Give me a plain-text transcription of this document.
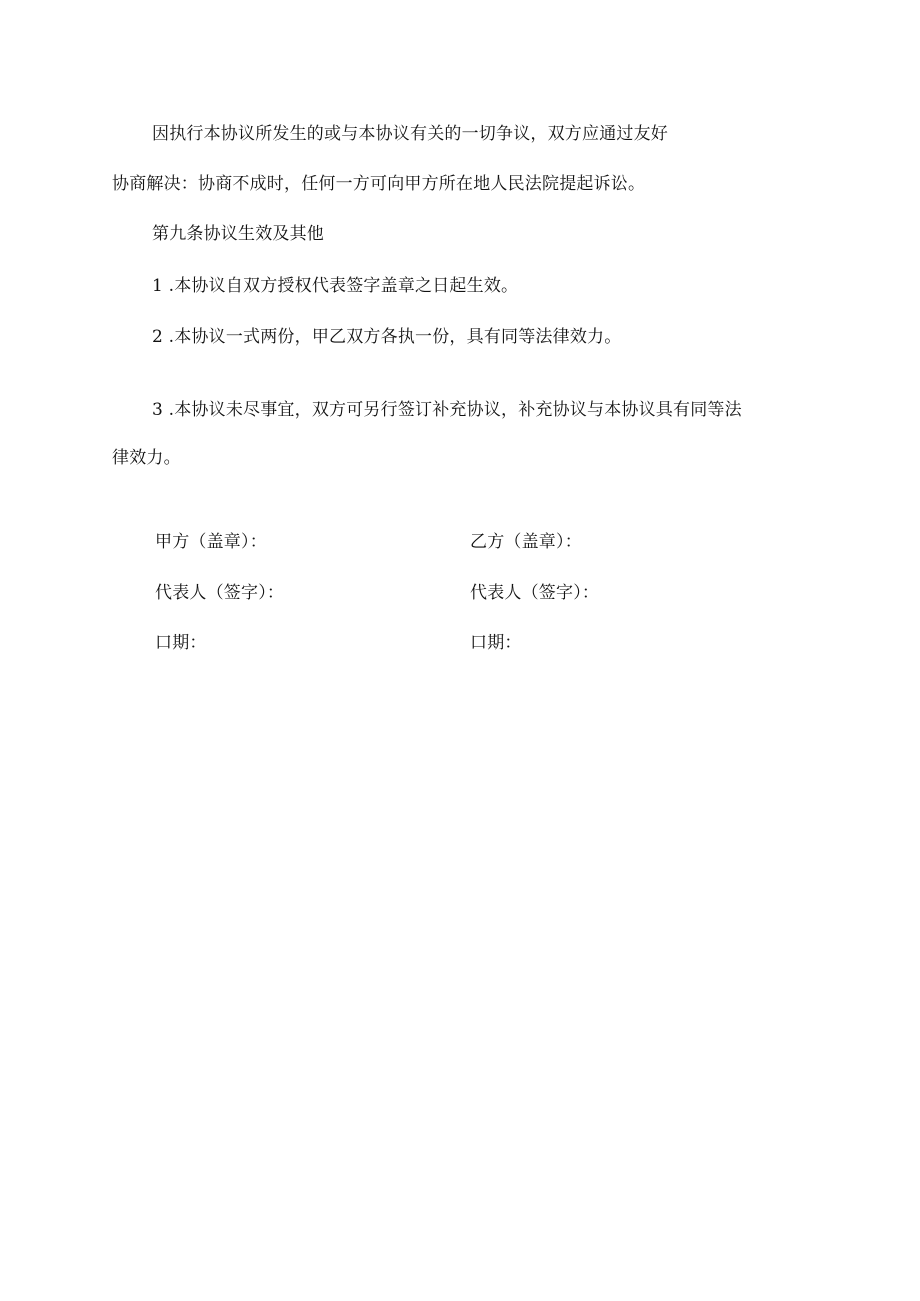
因执行本协议所发生的或与本协议有关的一切争议，双方应通过友好
协商解决：协商不成时，任何一方可向甲方所在地人民法院提起诉讼。
第九条协议生效及其他
1 .本协议自双方授权代表签字盖章之日起生效。
2 .本协议一式两份，甲乙双方各执一份，具有同等法律效力。
3 .本协议未尽事宜，双方可另行签订补充协议，补充协议与本协议具有同等法
律效力。
甲方（盖章）：
代表人（签字）：
口期：
乙方（盖章）：
代表人（签字）：
口期：
